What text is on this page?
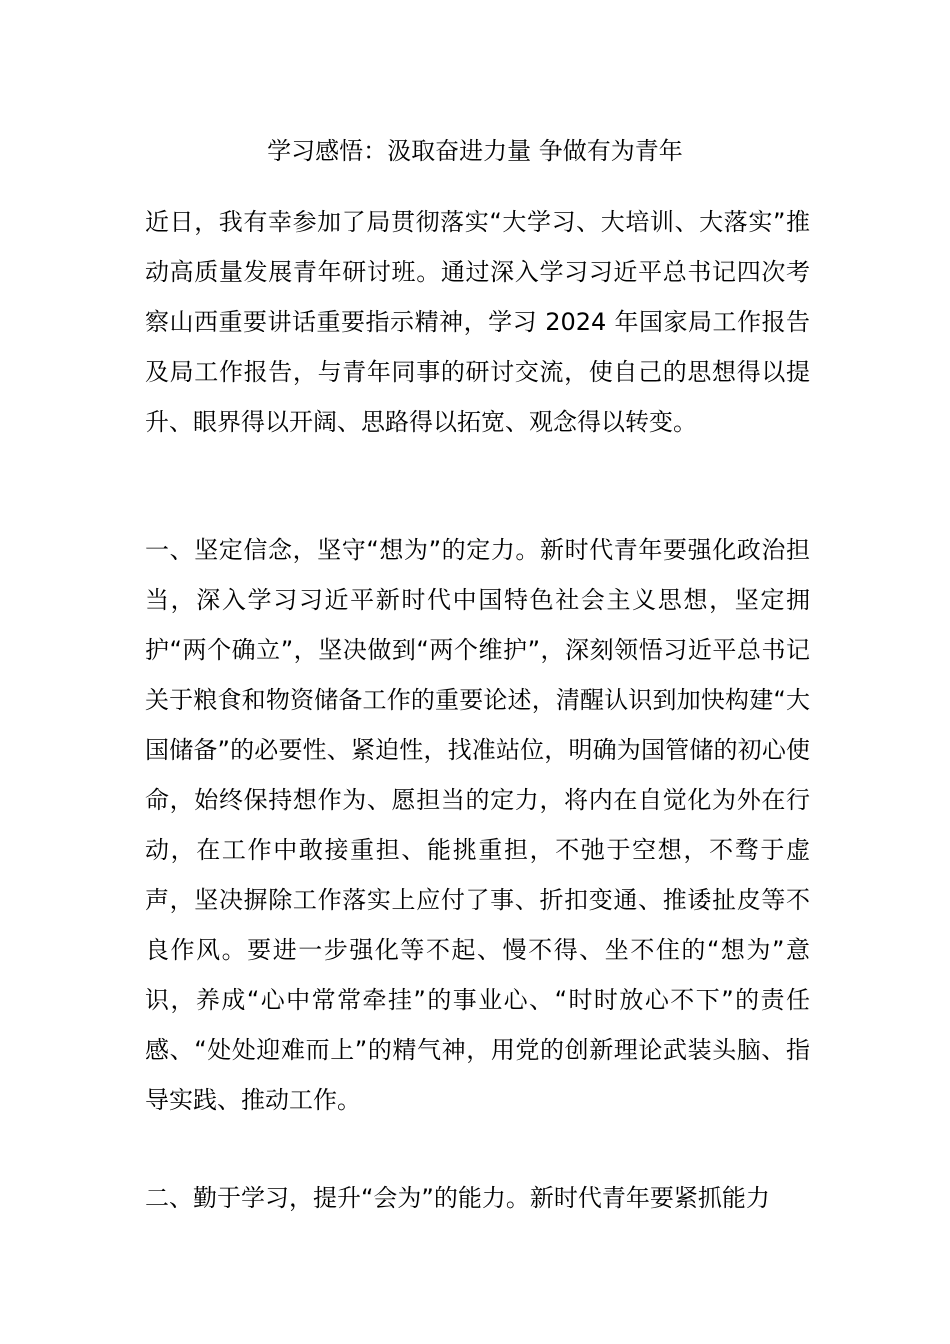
学习感悟：汲取奋进力量 争做有为青年

近日，我有幸参加了局贯彻落实“大学习、大培训、大落实”推动高质量发展青年研讨班。通过深入学习习近平总书记四次考察山西重要讲话重要指示精神，学习 2024 年国家局工作报告及局工作报告，与青年同事的研讨交流，使自己的思想得以提升、眼界得以开阔、思路得以拓宽、观念得以转变。

一、坚定信念，坚守“想为”的定力。新时代青年要强化政治担当，深入学习习近平新时代中国特色社会主义思想，坚定拥护“两个确立”，坚决做到“两个维护”，深刻领悟习近平总书记关于粮食和物资储备工作的重要论述，清醒认识到加快构建“大国储备”的必要性、紧迫性，找准站位，明确为国管储的初心使命，始终保持想作为、愿担当的定力，将内在自觉化为外在行动，在工作中敢接重担、能挑重担，不弛于空想，不骛于虚声，坚决摒除工作落实上应付了事、折扣变通、推诿扯皮等不良作风。要进一步强化等不起、慢不得、坐不住的“想为”意识，养成“心中常常牵挂”的事业心、“时时放心不下”的责任感、“处处迎难而上”的精气神，用党的创新理论武装头脑、指导实践、推动工作。

二、勤于学习，提升“会为”的能力。新时代青年要紧抓能力
